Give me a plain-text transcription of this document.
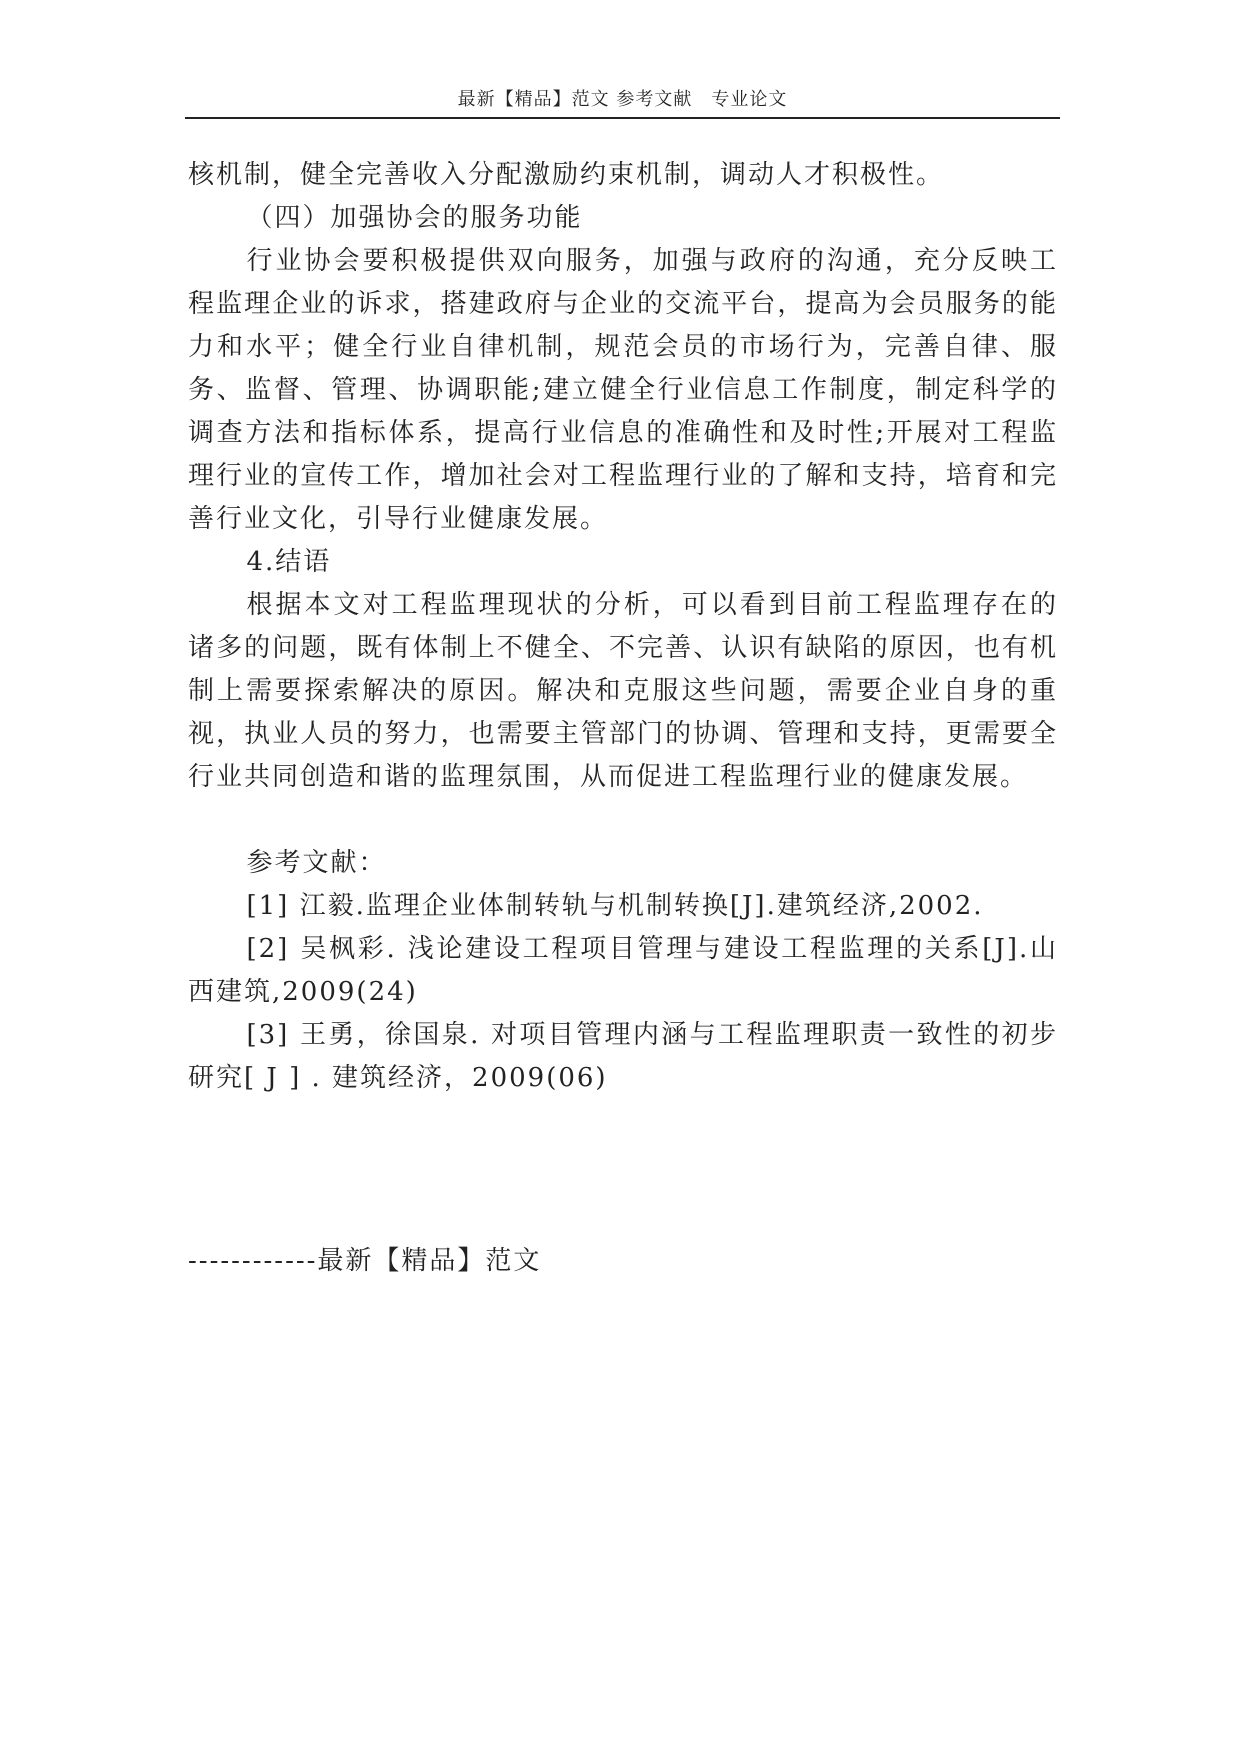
最新【精品】范文 参考文献　专业论文

核机制，健全完善收入分配激励约束机制，调动人才积极性。

（四）加强协会的服务功能

行业协会要积极提供双向服务，加强与政府的沟通，充分反映工程监理企业的诉求，搭建政府与企业的交流平台，提高为会员服务的能力和水平；健全行业自律机制，规范会员的市场行为，完善自律、服务、监督、管理、协调职能;建立健全行业信息工作制度，制定科学的调查方法和指标体系，提高行业信息的准确性和及时性;开展对工程监理行业的宣传工作，增加社会对工程监理行业的了解和支持，培育和完善行业文化，引导行业健康发展。

4.结语

根据本文对工程监理现状的分析，可以看到目前工程监理存在的诸多的问题，既有体制上不健全、不完善、认识有缺陷的原因，也有机制上需要探索解决的原因。解决和克服这些问题，需要企业自身的重视，执业人员的努力，也需要主管部门的协调、管理和支持，更需要全行业共同创造和谐的监理氛围，从而促进工程监理行业的健康发展。

参考文献：

[1] 江毅.监理企业体制转轨与机制转换[J].建筑经济,2002.

[2] 吴枫彩. 浅论建设工程项目管理与建设工程监理的关系[J].山西建筑,2009(24)

[3] 王勇，徐国泉. 对项目管理内涵与工程监理职责一致性的初步研究[ J ] . 建筑经济，2009(06)

------------最新【精品】范文
